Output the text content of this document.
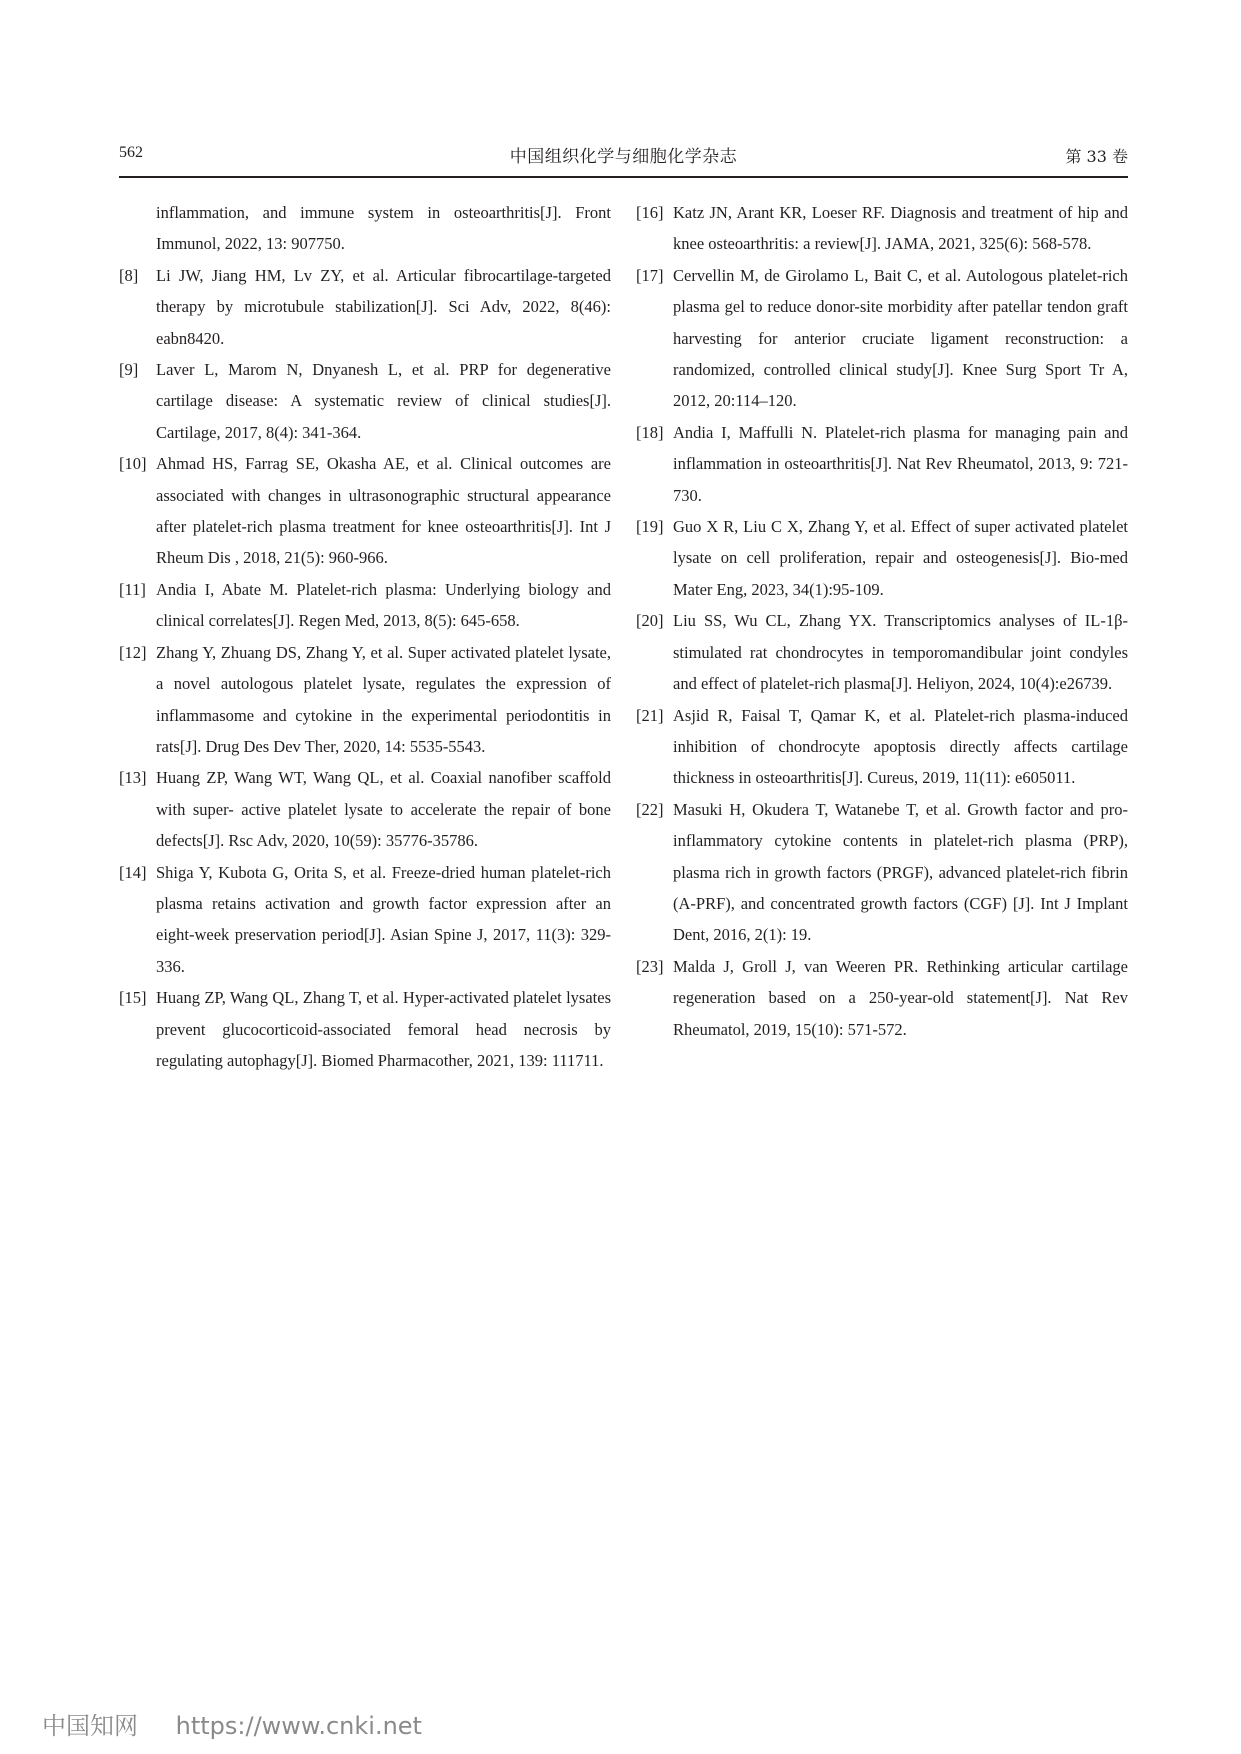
562	中国组织化学与细胞化学杂志	第 33 卷
inflammation, and immune system in osteoarthritis[J]. Front Immunol, 2022, 13: 907750.
[8] Li JW, Jiang HM, Lv ZY, et al. Articular fibrocartilage-targeted therapy by microtubule stabilization[J]. Sci Adv, 2022, 8(46): eabn8420.
[9] Laver L, Marom N, Dnyanesh L, et al. PRP for degenerative cartilage disease: A systematic review of clinical studies[J]. Cartilage, 2017, 8(4): 341-364.
[10] Ahmad HS, Farrag SE, Okasha AE, et al. Clinical outcomes are associated with changes in ultrasonographic structural appearance after platelet-rich plasma treatment for knee osteoarthritis[J]. Int J Rheum Dis , 2018, 21(5): 960-966.
[11] Andia I, Abate M. Platelet-rich plasma: Underlying biology and clinical correlates[J]. Regen Med, 2013, 8(5): 645-658.
[12] Zhang Y, Zhuang DS, Zhang Y, et al. Super activated platelet lysate, a novel autologous platelet lysate, regulates the expression of inflammasome and cytokine in the experimental periodontitis in rats[J]. Drug Des Dev Ther, 2020, 14: 5535-5543.
[13] Huang ZP, Wang WT, Wang QL, et al. Coaxial nanofiber scaffold with super- active platelet lysate to accelerate the repair of bone defects[J]. Rsc Adv, 2020, 10(59): 35776-35786.
[14] Shiga Y, Kubota G, Orita S, et al. Freeze-dried human platelet-rich plasma retains activation and growth factor expression after an eight-week preservation period[J]. Asian Spine J, 2017, 11(3): 329-336.
[15] Huang ZP, Wang QL, Zhang T, et al. Hyper-activated platelet lysates prevent glucocorticoid-associated femoral head necrosis by regulating autophagy[J]. Biomed Pharmacother, 2021, 139: 111711.
[16] Katz JN, Arant KR, Loeser RF. Diagnosis and treatment of hip and knee osteoarthritis: a review[J]. JAMA, 2021, 325(6): 568-578.
[17] Cervellin M, de Girolamo L, Bait C, et al. Autologous platelet-rich plasma gel to reduce donor-site morbidity after patellar tendon graft harvesting for anterior cruciate ligament reconstruction: a randomized, controlled clinical study[J]. Knee Surg Sport Tr A, 2012, 20:114–120.
[18] Andia I, Maffulli N. Platelet-rich plasma for managing pain and inflammation in osteoarthritis[J]. Nat Rev Rheumatol, 2013, 9: 721-730.
[19] Guo X R, Liu C X, Zhang Y, et al. Effect of super activated platelet lysate on cell proliferation, repair and osteogenesis[J]. Bio-med Mater Eng, 2023, 34(1):95-109.
[20] Liu SS, Wu CL, Zhang YX. Transcriptomics analyses of IL-1β-stimulated rat chondrocytes in temporomandibular joint condyles and effect of platelet-rich plasma[J]. Heliyon, 2024, 10(4):e26739.
[21] Asjid R, Faisal T, Qamar K, et al. Platelet-rich plasma-induced inhibition of chondrocyte apoptosis directly affects cartilage thickness in osteoarthritis[J]. Cureus, 2019, 11(11): e605011.
[22] Masuki H, Okudera T, Watanebe T, et al. Growth factor and pro-inflammatory cytokine contents in platelet-rich plasma (PRP), plasma rich in growth factors (PRGF), advanced platelet-rich fibrin (A-PRF), and concentrated growth factors (CGF) [J]. Int J Implant Dent, 2016, 2(1): 19.
[23] Malda J, Groll J, van Weeren PR. Rethinking articular cartilage regeneration based on a 250-year-old statement[J]. Nat Rev Rheumatol, 2019, 15(10): 571-572.
中国知网 https://www.cnki.net
